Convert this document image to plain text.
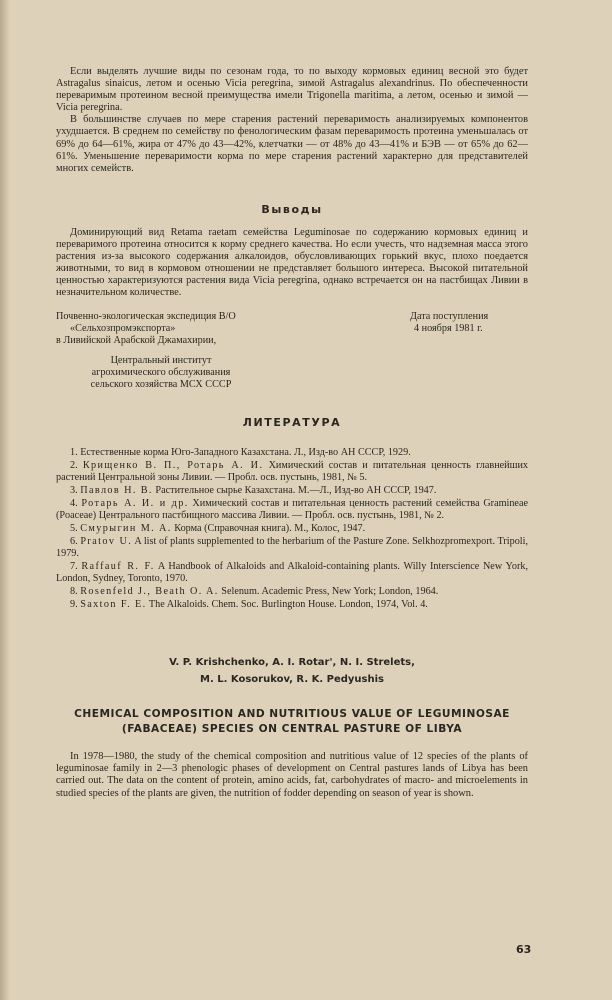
Если выделять лучшие виды по сезонам года, то по выходу кормовых единиц весной это будет Astragalus sinaicus, летом и осенью Vicia peregrina, зимой Astragalus alexandrinus. По обеспеченности переваримым протеином весной преимущества имели Trigonella maritima, а летом, осенью и зимой — Vicia peregrina.

В большинстве случаев по мере старения растений переваримость анализируемых компонентов ухудшается. В среднем по семейству по фенологическим фазам переваримость протеина уменьшалась от 69% до 64—61%, жира от 47% до 43—42%, клетчатки — от 48% до 43—41% и БЭВ — от 65% до 62—61%. Уменьшение переваримости корма по мере старения растений характерно для представителей многих семейств.

Выводы

Доминирующий вид Retama raetam семейства Leguminosae по содержанию кормовых единиц и переваримого протеина относится к корму среднего качества. Но если учесть, что надземная масса этого растения из-за высокого содержания алкалоидов, обусловливающих горький вкус, плохо поедается животными, то вид в кормовом отношении не представляет большого интереса. Высокой питательной ценностью характеризуются растения вида Vicia peregrina, однако встречается он на пастбищах Ливии в незначительном количестве.

Почвенно-экологическая экспедиция В/О
«Сельхозпромэкспорта»
в Ливийской Арабской Джамахирии,
Дата поступления
4 ноября 1981 г.
Центральный институт
агрохимического обслуживания
сельского хозяйства МСХ СССР
ЛИТЕРАТУРА

1. Естественные корма Юго-Западного Казахстана. Л., Изд-во АН СССР, 1929.

2. Крищенко В. П., Ротарь А. И. Химический состав и питательная ценность главнейших растений Центральной зоны Ливии. — Пробл. осв. пустынь, 1981, № 5.

3. Павлов Н. В. Растительное сырье Казахстана. М.—Л., Изд-во АН СССР, 1947.

4. Ротарь А. И. и др. Химический состав и питательная ценность растений семейства Gramineae (Poaceae) Центрального пастбищного массива Ливии. — Пробл. осв. пустынь, 1981, № 2.

5. Смурыгин М. А. Корма (Справочная книга). М., Колос, 1947.

6. Pratov U. A list of plants supplemented to the herbarium of the Pasture Zone. Selkhozpromexport. Tripoli, 1979.

7. Raffauf R. F. A Handbook of Alkaloids and Alkaloid-containing plants. Willy Interscience New York, London, Sydney, Toronto, 1970.

8. Rosenfeld J., Beath O. A. Selenum. Academic Press, New York; London, 1964.

9. Saxton F. E. The Alkaloids. Chem. Soc. Burlington House. London, 1974, Vol. 4.

V. P. Krishchenko, A. I. Rotar', N. I. Strelets,
M. L. Kosorukov, R. K. Pedyushis
CHEMICAL COMPOSITION AND NUTRITIOUS VALUE OF LEGUMINOSAE
(FABACEAE) SPECIES ON CENTRAL PASTURE OF LIBYA

In 1978—1980, the study of the chemical composition and nutritious value of 12 species of the plants of leguminosae family in 2—3 phenologic phases of development on Central pastures lands of Libya has been carried out. The data on the content of protein, amino acids, fat, carbohydrates of macro- and microelements in studied species of the plants are given, the nutrition of fodder depending on season of year is shown.

63
